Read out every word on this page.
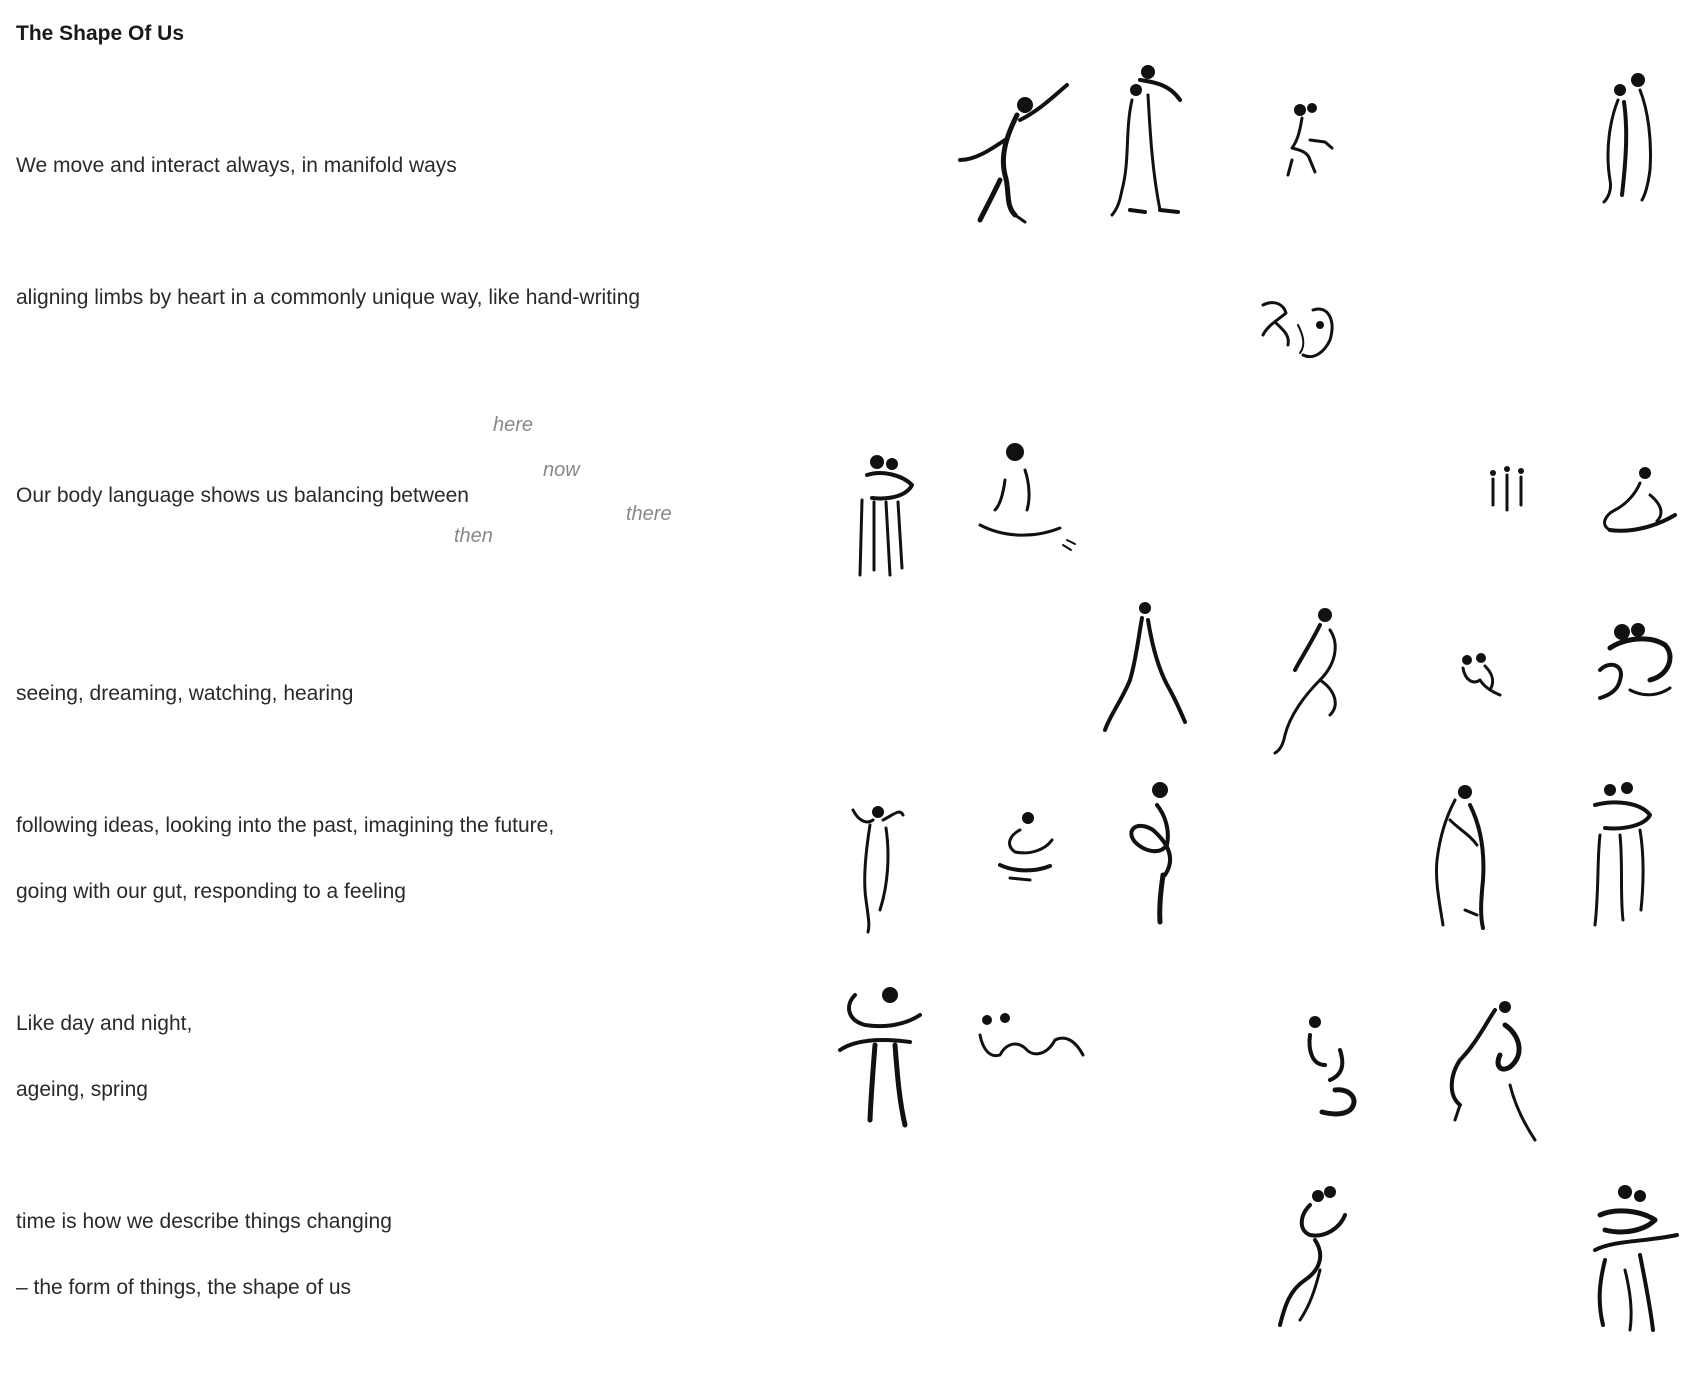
The Shape Of Us
We move and interact always, in manifold ways
aligning limbs by heart in a commonly unique way, like hand-writing
Our body language shows us balancing between
here
now
there
then
seeing, dreaming, watching, hearing
following ideas, looking into the past, imagining the future,
going with our gut, responding to a feeling
Like day and night,
ageing, spring
time is how we describe things changing
– the form of things, the shape of us
